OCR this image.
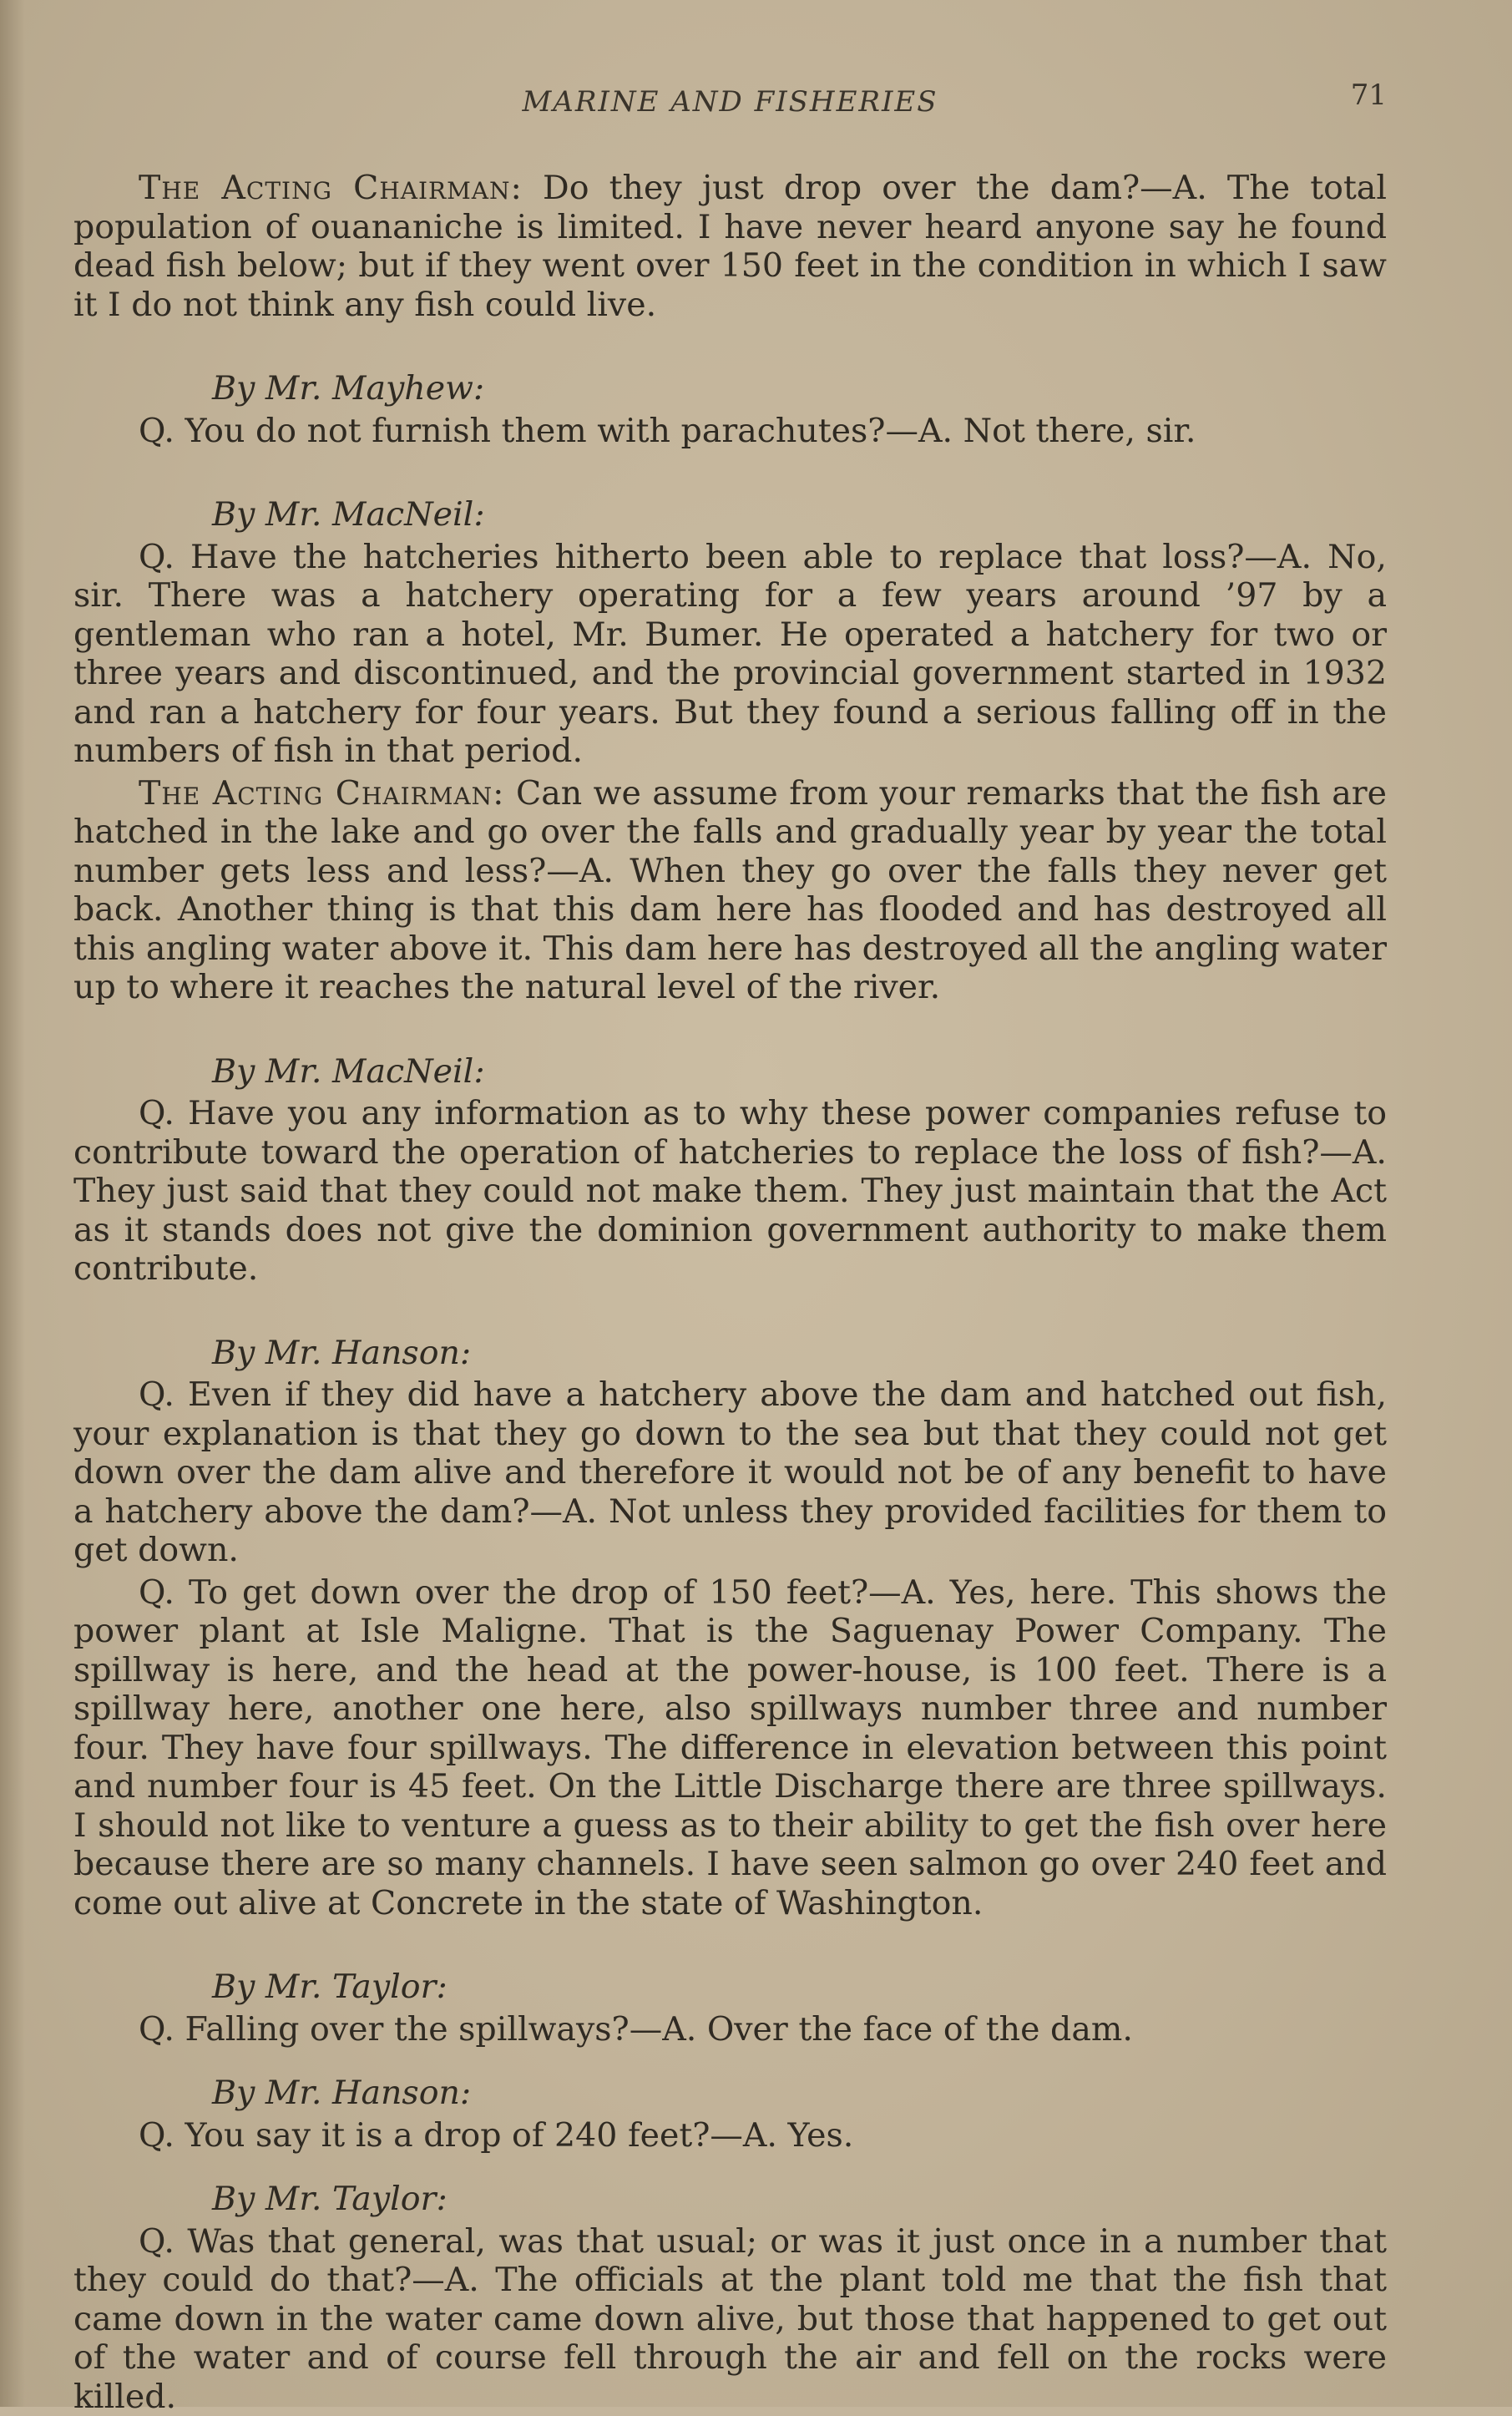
MARINE AND FISHERIES	71

The Acting Chairman: Do they just drop over the dam?—A. The total population of ouananiche is limited. I have never heard anyone say he found dead fish below; but if they went over 150 feet in the condition in which I saw it I do not think any fish could live.

By Mr. Mayhew:

Q. You do not furnish them with parachutes?—A. Not there, sir.

By Mr. MacNeil:

Q. Have the hatcheries hitherto been able to replace that loss?—A. No, sir. There was a hatchery operating for a few years around ’97 by a gentleman who ran a hotel, Mr. Bumer. He operated a hatchery for two or three years and discontinued, and the provincial government started in 1932 and ran a hatchery for four years. But they found a serious falling off in the numbers of fish in that period.

The Acting Chairman: Can we assume from your remarks that the fish are hatched in the lake and go over the falls and gradually year by year the total number gets less and less?—A. When they go over the falls they never get back. Another thing is that this dam here has flooded and has destroyed all this angling water above it. This dam here has destroyed all the angling water up to where it reaches the natural level of the river.

By Mr. MacNeil:

Q. Have you any information as to why these power companies refuse to contribute toward the operation of hatcheries to replace the loss of fish?—A. They just said that they could not make them. They just maintain that the Act as it stands does not give the dominion government authority to make them contribute.

By Mr. Hanson:

Q. Even if they did have a hatchery above the dam and hatched out fish, your explanation is that they go down to the sea but that they could not get down over the dam alive and therefore it would not be of any benefit to have a hatchery above the dam?—A. Not unless they provided facilities for them to get down.

Q. To get down over the drop of 150 feet?—A. Yes, here. This shows the power plant at Isle Maligne. That is the Saguenay Power Company. The spillway is here, and the head at the power-house, is 100 feet. There is a spillway here, another one here, also spillways number three and number four. They have four spillways. The difference in elevation between this point and number four is 45 feet. On the Little Discharge there are three spillways. I should not like to venture a guess as to their ability to get the fish over here because there are so many channels. I have seen salmon go over 240 feet and come out alive at Concrete in the state of Washington.

By Mr. Taylor:

Q. Falling over the spillways?—A. Over the face of the dam.

By Mr. Hanson:

Q. You say it is a drop of 240 feet?—A. Yes.

By Mr. Taylor:

Q. Was that general, was that usual; or was it just once in a number that they could do that?—A. The officials at the plant told me that the fish that came down in the water came down alive, but those that happened to get out of the water and of course fell through the air and fell on the rocks were killed.
